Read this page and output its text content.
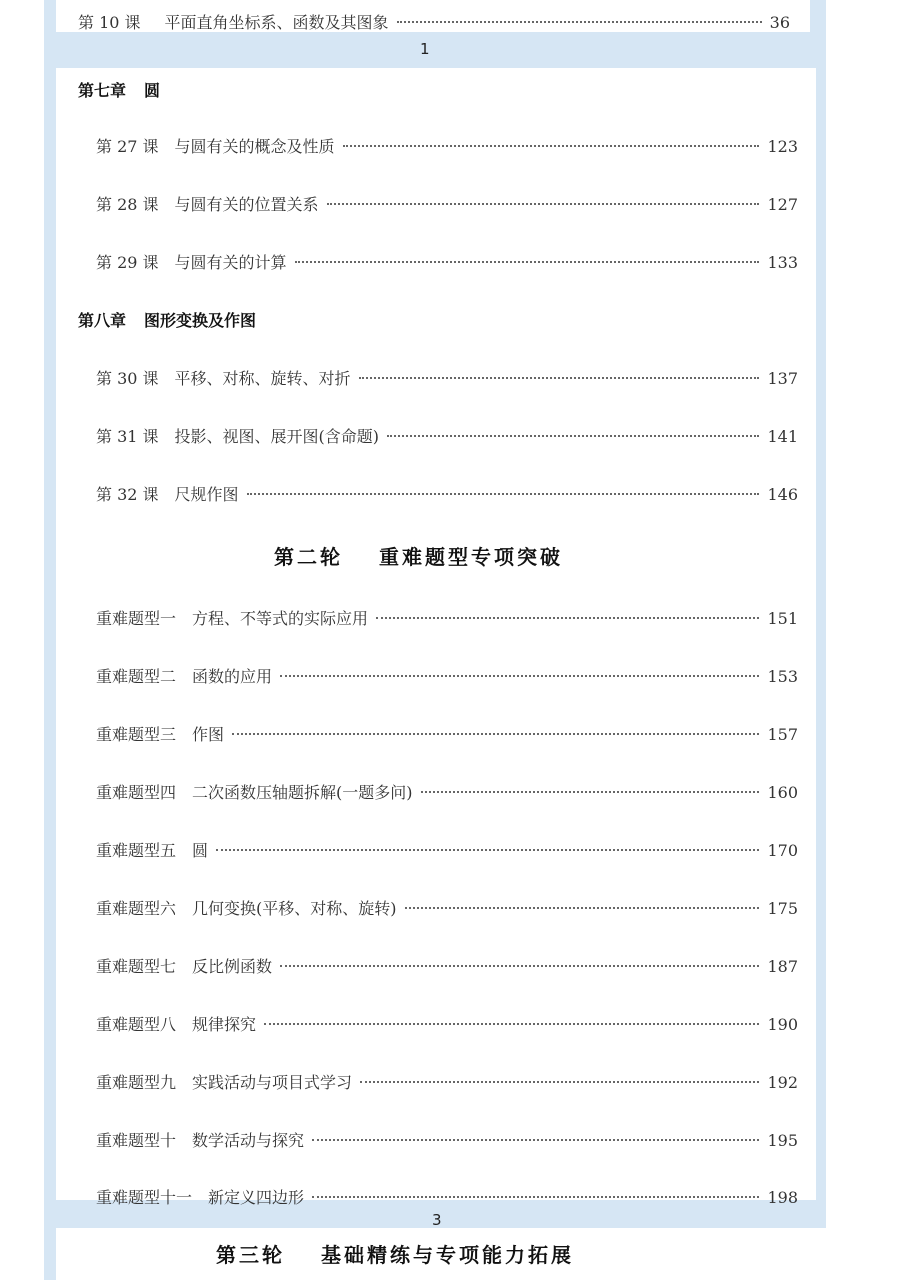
第 10 课 平面直角坐标系、函数及其图象	36
1
第七章 圆
第 27 课 与圆有关的概念及性质	123
第 28 课 与圆有关的位置关系	127
第 29 课 与圆有关的计算	133
第八章 图形变换及作图
第 30 课 平移、对称、旋转、对折	137
第 31 课 投影、视图、展开图(含命题)	141
第 32 课 尺规作图	146
第二轮 重难题型专项突破
重难题型一 方程、不等式的实际应用	151
重难题型二 函数的应用	153
重难题型三 作图	157
重难题型四 二次函数压轴题拆解(一题多问)	160
重难题型五 圆	170
重难题型六 几何变换(平移、对称、旋转)	175
重难题型七 反比例函数	187
重难题型八 规律探究	190
重难题型九 实践活动与项目式学习	192
重难题型十 数学活动与探究	195
重难题型十一 新定义四边形	198
3
第三轮 基础精练与专项能力拓展
